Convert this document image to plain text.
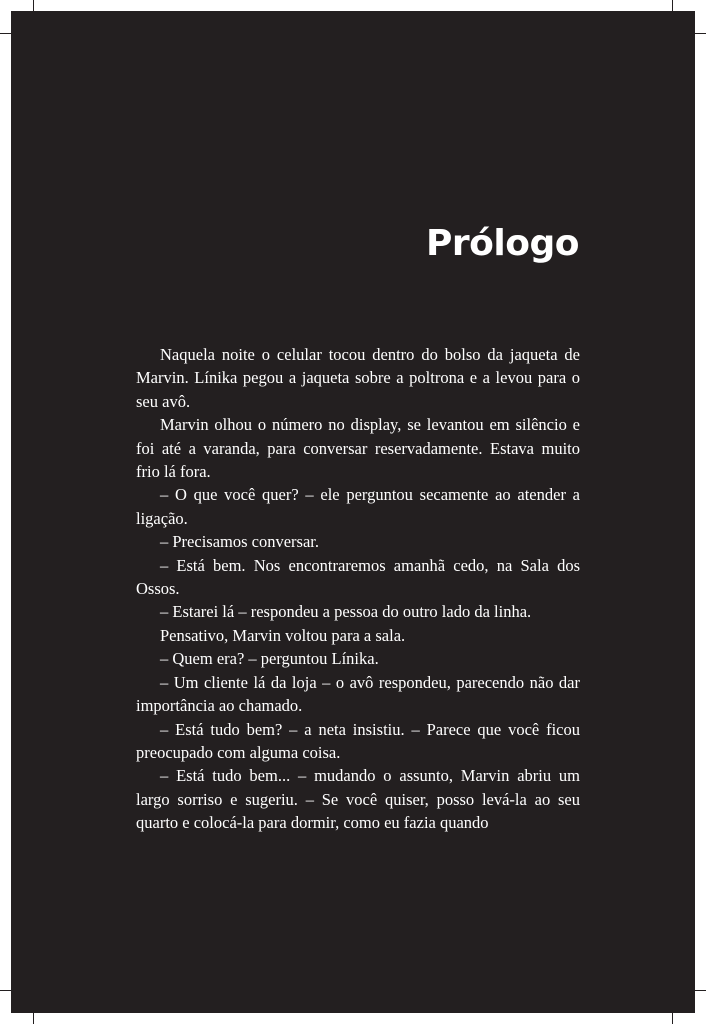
Prólogo

Naquela noite o celular tocou dentro do bolso da jaqueta de Marvin. Línika pegou a jaqueta sobre a poltrona e a levou para o seu avô.

Marvin olhou o número no display, se levantou em silêncio e foi até a varanda, para conversar reservadamente. Estava muito frio lá fora.

– O que você quer? – ele perguntou secamente ao atender a ligação.

– Precisamos conversar.

– Está bem. Nos encontraremos amanhã cedo, na Sala dos Ossos.

– Estarei lá – respondeu a pessoa do outro lado da linha.

Pensativo, Marvin voltou para a sala.

– Quem era? – perguntou Línika.

– Um cliente lá da loja – o avô respondeu, parecendo não dar importância ao chamado.

– Está tudo bem? – a neta insistiu. – Parece que você ficou preocupado com alguma coisa.

– Está tudo bem... – mudando o assunto, Marvin abriu um largo sorriso e sugeriu. – Se você quiser, posso levá-la ao seu quarto e colocá-la para dormir, como eu fazia quando
